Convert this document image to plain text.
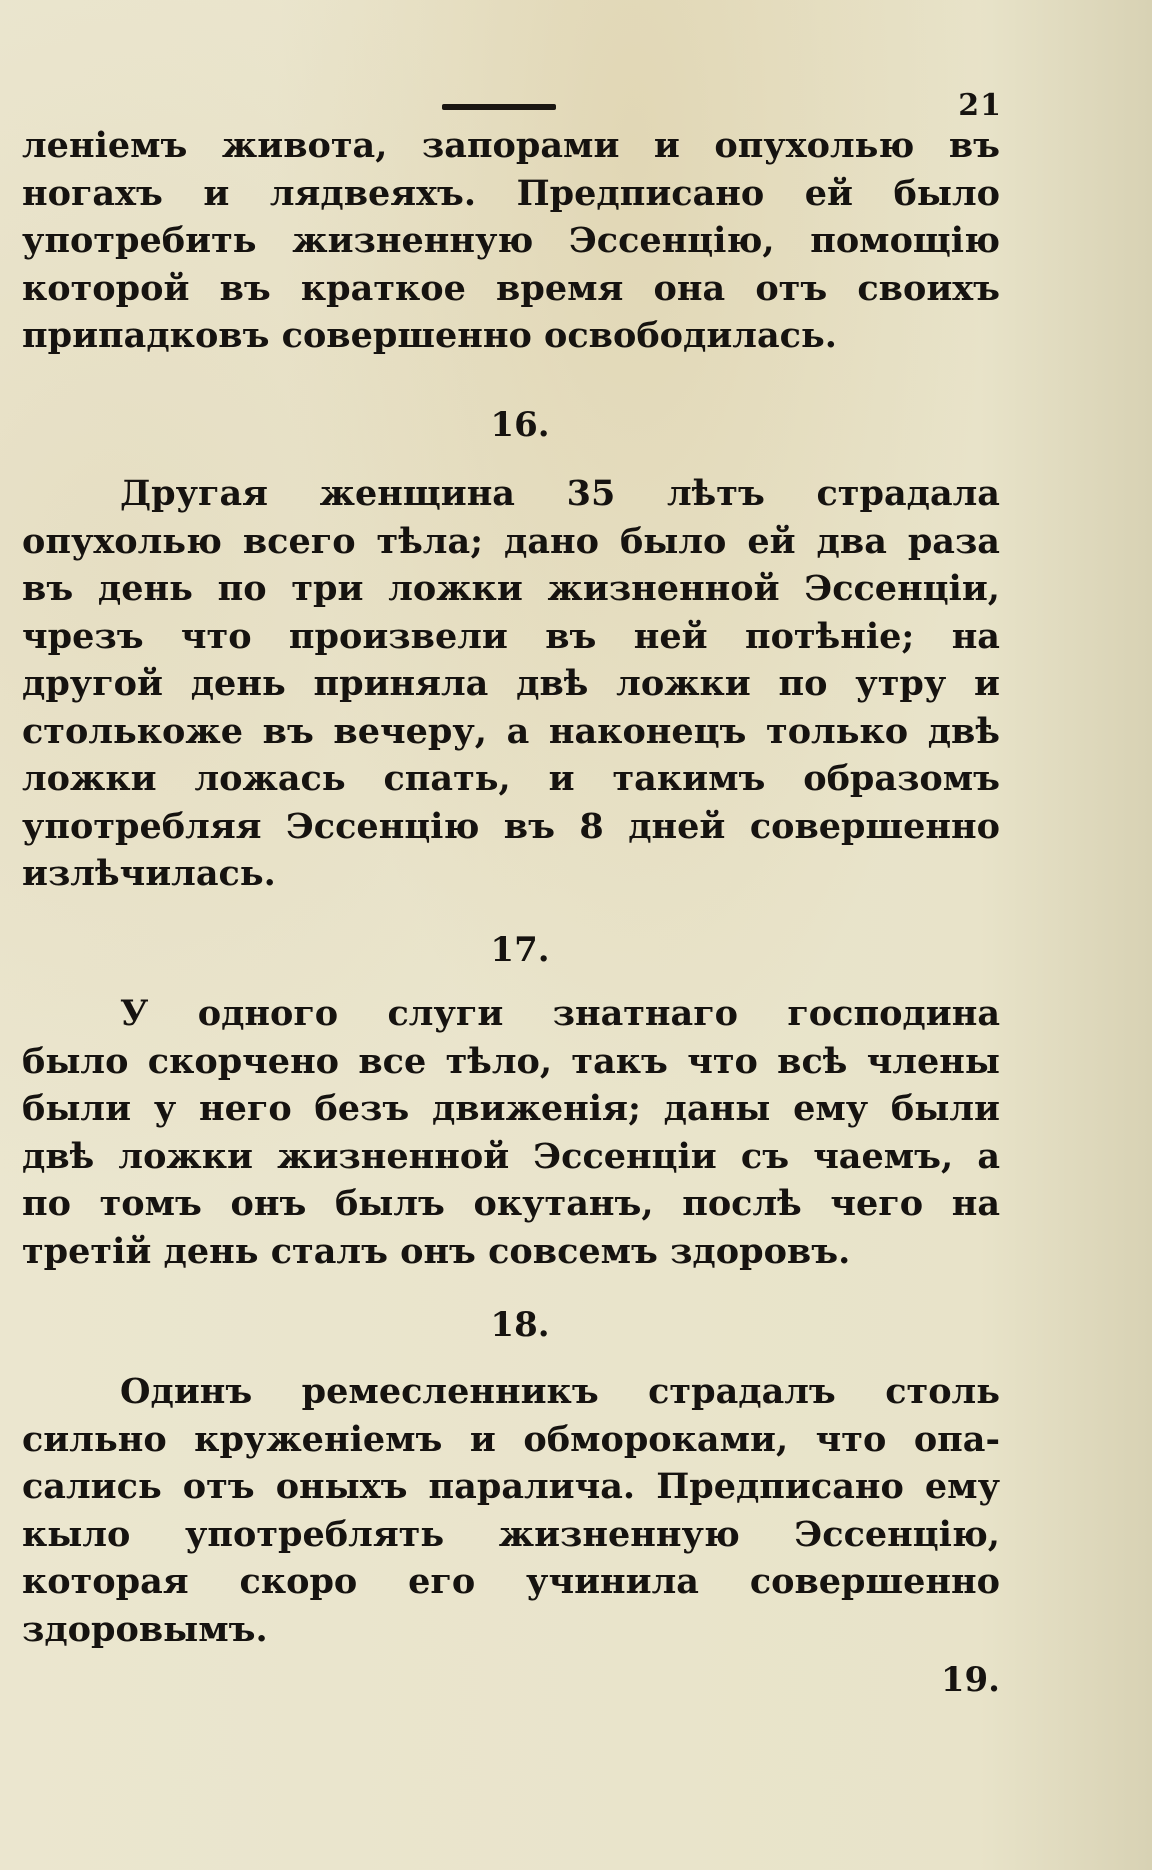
21
леніемъ живота, запорами и опухолью въ
ногахъ и лядвеяхъ. Предписано ей было
употребить жизненную Эссенцію, помощію
которой въ краткое время она отъ своихъ
припадковъ совершенно освободилась.
16.
Другая женщина 35 лѣтъ страдала
опухолью всего тѣла; дано было ей два раза
въ день по три ложки жизненной Эссенціи,
чрезъ что произвели въ ней потѣніе; на
другой день приняла двѣ ложки по утру и
столькоже въ вечеру, а наконецъ только двѣ
ложки ложась спать, и такимъ образомъ
употребляя Эссенцію въ 8 дней совершенно
излѣчилась.
17.
У одного слуги знатнаго господина
было скорчено все тѣло, такъ что всѣ члены
были у него безъ движенія; даны ему были
двѣ ложки жизненной Эссенціи съ чаемъ, а
по томъ онъ былъ окутанъ, послѣ чего на
третій день сталъ онъ совсемъ здоровъ.
18.
Одинъ ремесленникъ страдалъ столь
сильно круженіемъ и обмороками, что опа-
сались отъ оныхъ паралича. Предписано ему
кыло употреблять жизненную Эссенцію,
которая скоро его учинила совершенно
здоровымъ.
19.
